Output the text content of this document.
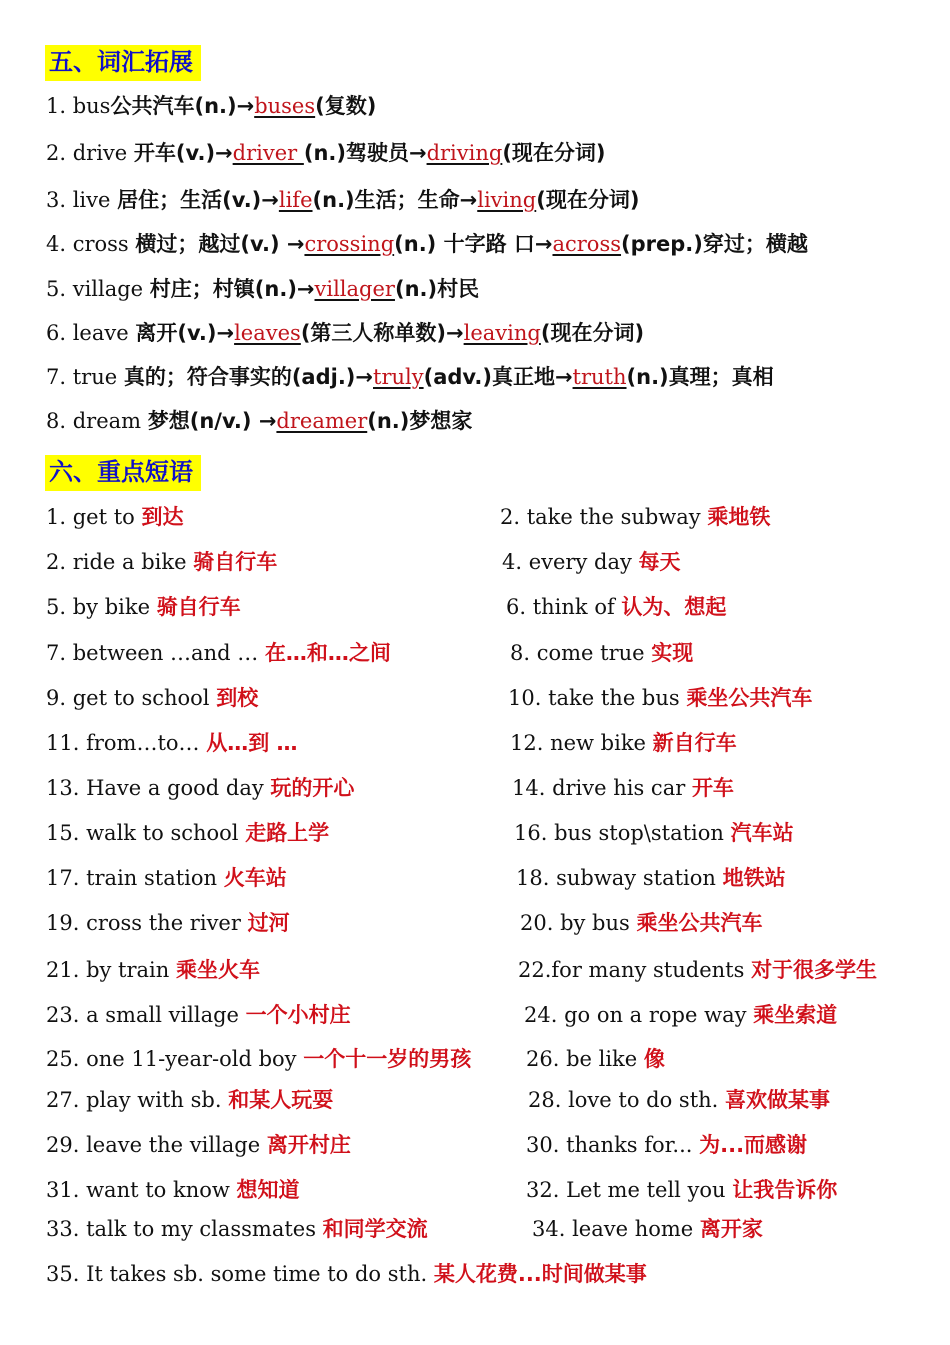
五、词汇拓展
1. bus公共汽车(n.)→buses(复数)
2. drive 开车(v.)→driver (n.)驾驶员→driving(现在分词)
3. live 居住；生活(v.)→life(n.)生活；生命→living(现在分词)
4. cross 横过；越过(v.) →crossing(n.) 十字路 口→across(prep.)穿过；横越
5. village 村庄；村镇(n.)→villager(n.)村民
6. leave 离开(v.)→leaves(第三人称单数)→leaving(现在分词)
7. true 真的；符合事实的(adj.)→truly(adv.)真正地→truth(n.)真理；真相
8. dream 梦想(n/v.) →dreamer(n.)梦想家
六、重点短语
1. get to 到达	2. take the subway 乘地铁
2. ride a bike 骑自行车	4. every day 每天
5. by bike 骑自行车	6. think of 认为、想起
7. between …and … 在…和…之间	8. come true 实现
9. get to school 到校	10. take the bus 乘坐公共汽车
11. from…to… 从…到 …	12. new bike 新自行车
13. Have a good day 玩的开心	14. drive his car 开车
15. walk to school 走路上学	16. bus stop\station 汽车站
17. train station 火车站	18. subway station 地铁站
19. cross the river 过河	20. by bus 乘坐公共汽车
21. by train 乘坐火车	22.for many students 对于很多学生
23. a small village 一个小村庄	24. go on a rope way 乘坐索道
25. one 11-year-old boy 一个十一岁的男孩	26. be like 像
27. play with sb. 和某人玩耍	28. love to do sth. 喜欢做某事
29. leave the village 离开村庄	30. thanks for... 为...而感谢
31. want to know 想知道	32. Let me tell you 让我告诉你
33. talk to my classmates 和同学交流	34. leave home 离开家
35. It takes sb. some time to do sth. 某人花费...时间做某事
